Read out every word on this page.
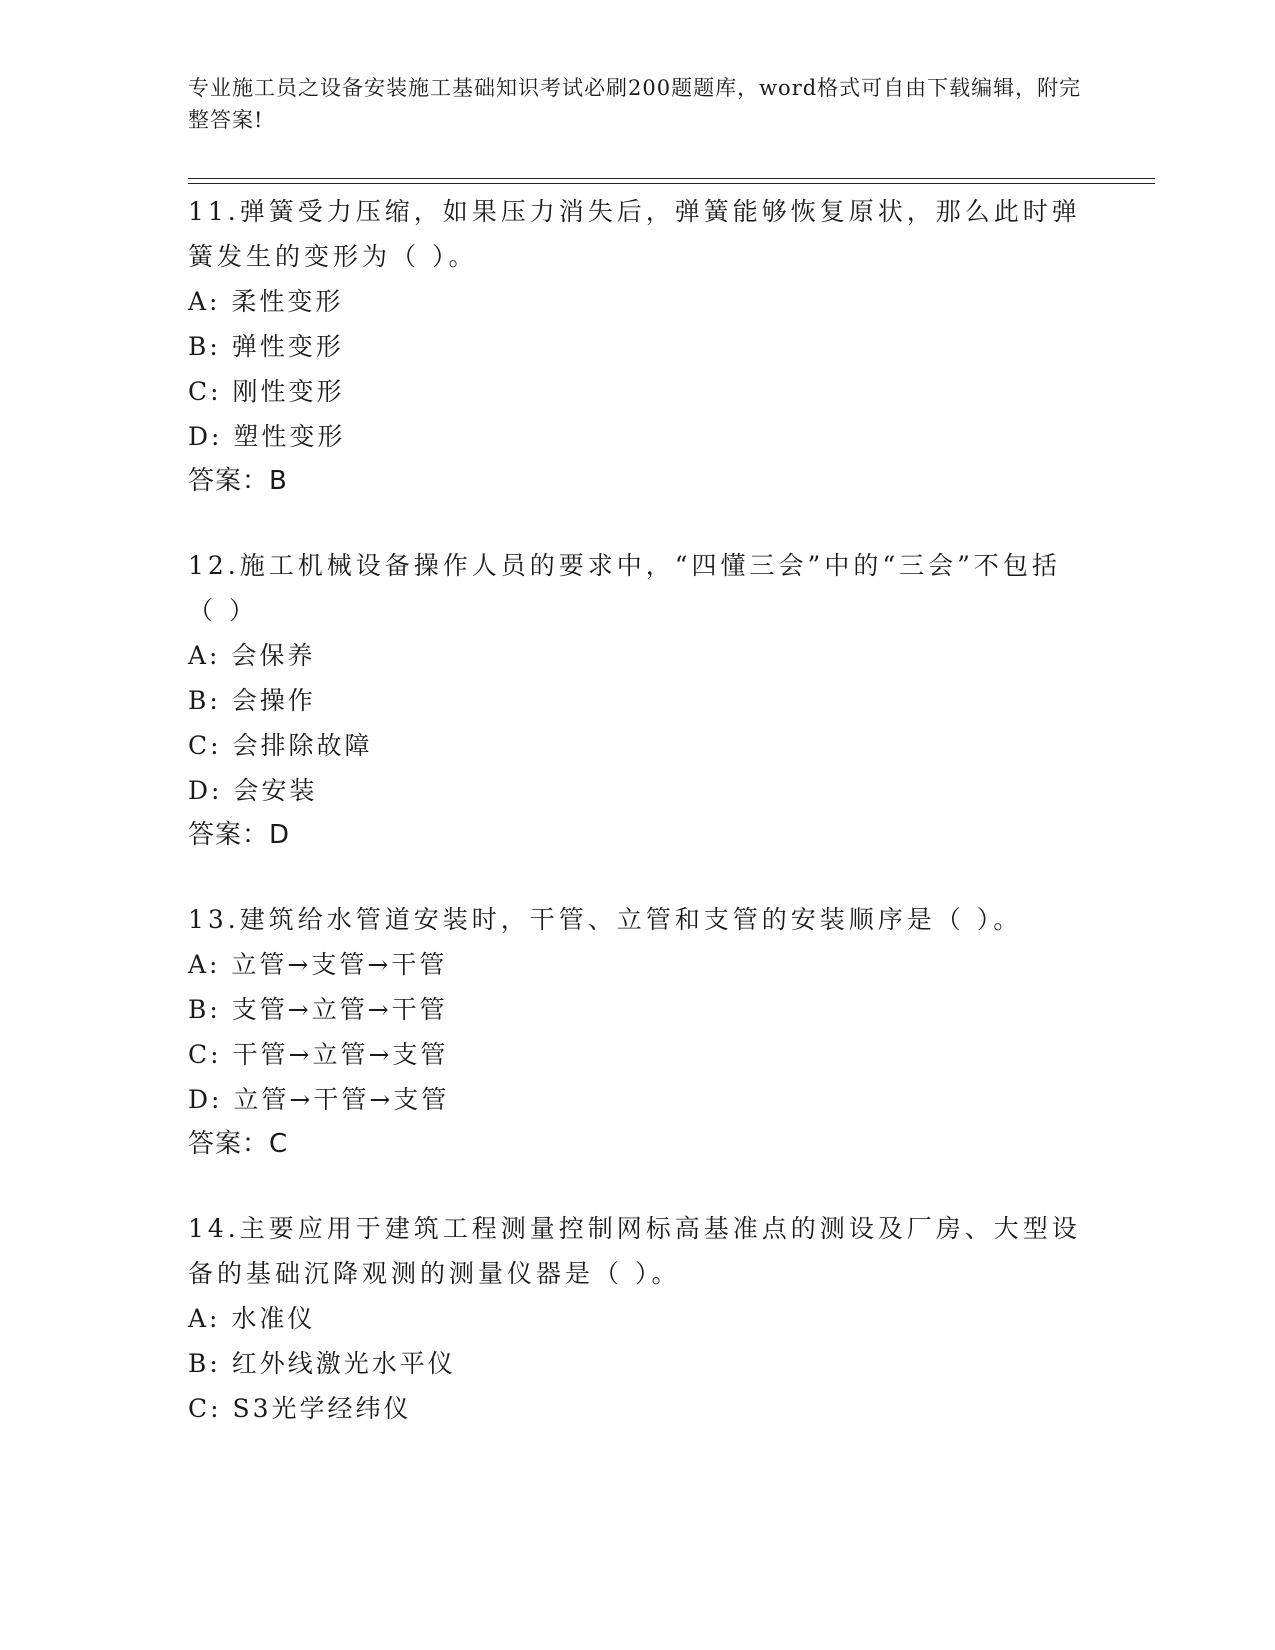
专业施工员之设备安装施工基础知识考试必刷200题题库，word格式可自由下载编辑，附完整答案!
11.弹簧受力压缩，如果压力消失后，弹簧能够恢复原状，那么此时弹簧发生的变形为（ ）。
A: 柔性变形
B: 弹性变形
C: 刚性变形
D: 塑性变形
答案：B
12.施工机械设备操作人员的要求中，“四懂三会”中的“三会”不包括（ ）
A: 会保养
B: 会操作
C: 会排除故障
D: 会安装
答案：D
13.建筑给水管道安装时，干管、立管和支管的安装顺序是（ ）。
A: 立管→支管→干管
B: 支管→立管→干管
C: 干管→立管→支管
D: 立管→干管→支管
答案：C
14.主要应用于建筑工程测量控制网标高基准点的测设及厂房、大型设备的基础沉降观测的测量仪器是（ ）。
A: 水准仪
B: 红外线激光水平仪
C: S3光学经纬仪
